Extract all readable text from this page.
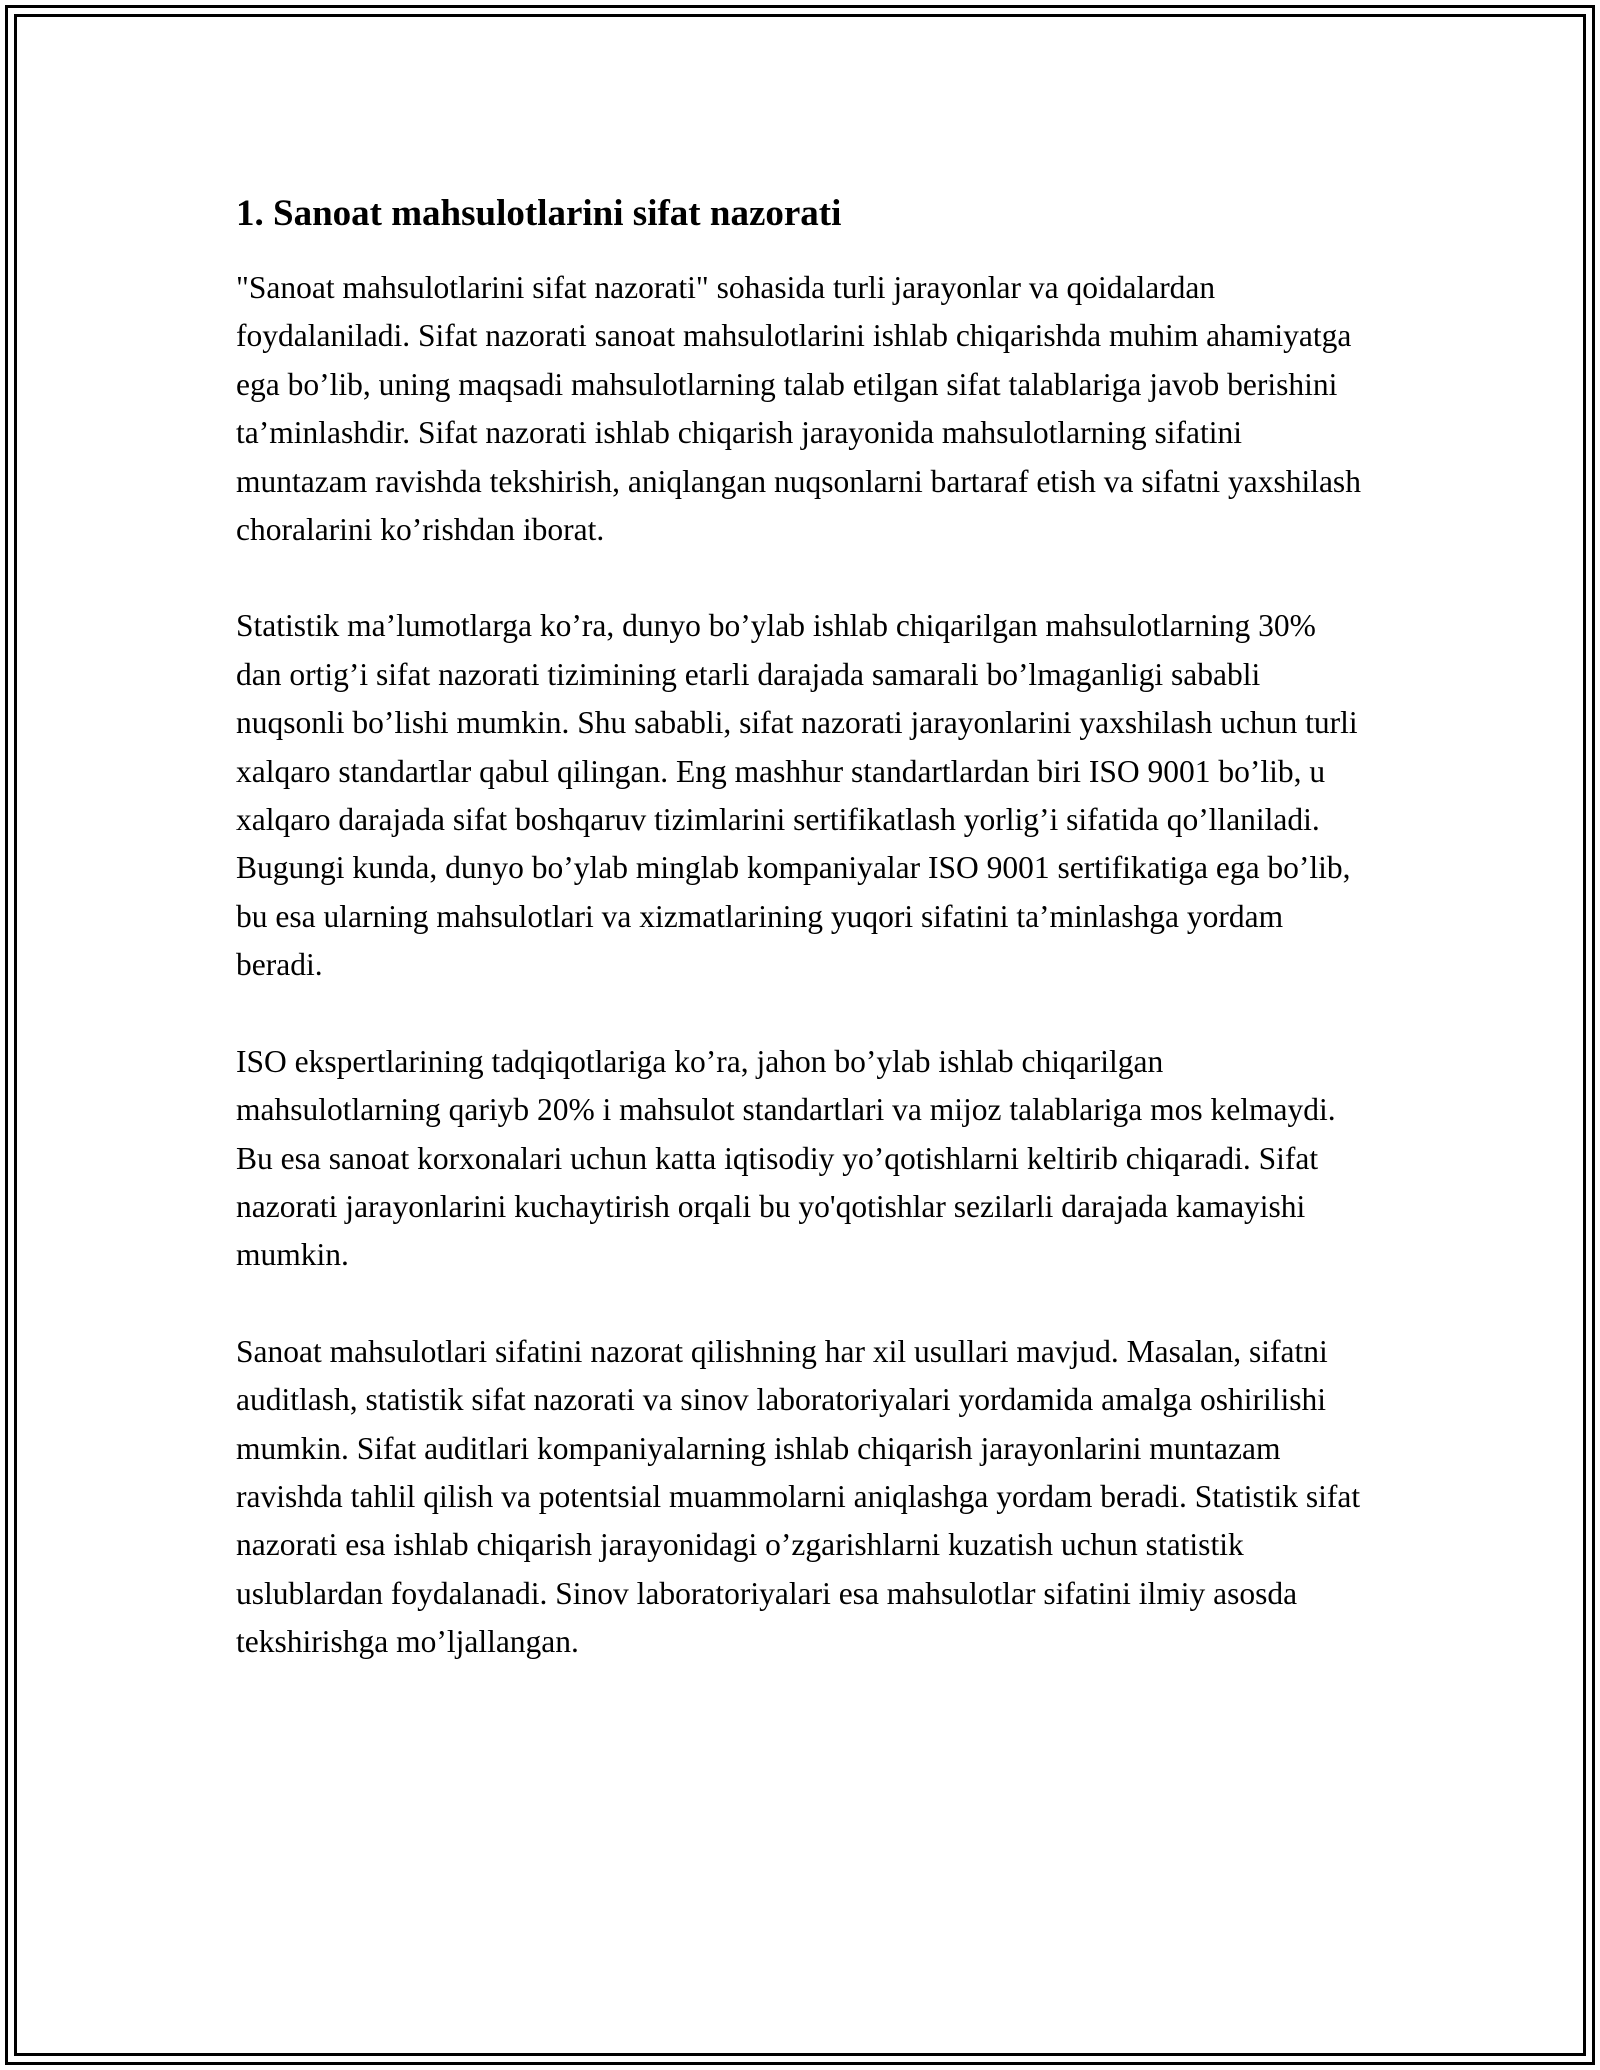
1. Sanoat mahsulotlarini sifat nazorati

"Sanoat mahsulotlarini sifat nazorati" sohasida turli jarayonlar va qoidalardan foydalaniladi. Sifat nazorati sanoat mahsulotlarini ishlab chiqarishda muhim ahamiyatga ega bo’lib, uning maqsadi mahsulotlarning talab etilgan sifat talablariga javob berishini ta’minlashdir. Sifat nazorati ishlab chiqarish jarayonida mahsulotlarning sifatini muntazam ravishda tekshirish, aniqlangan nuqsonlarni bartaraf etish va sifatni yaxshilash choralarini ko’rishdan iborat.

Statistik ma’lumotlarga ko’ra, dunyo bo’ylab ishlab chiqarilgan mahsulotlarning 30% dan ortig’i sifat nazorati tizimining etarli darajada samarali bo’lmaganligi sababli nuqsonli bo’lishi mumkin. Shu sababli, sifat nazorati jarayonlarini yaxshilash uchun turli xalqaro standartlar qabul qilingan. Eng mashhur standartlardan biri ISO 9001 bo’lib, u xalqaro darajada sifat boshqaruv tizimlarini sertifikatlash yorlig’i sifatida qo’llaniladi. Bugungi kunda, dunyo bo’ylab minglab kompaniyalar ISO 9001 sertifikatiga ega bo’lib, bu esa ularning mahsulotlari va xizmatlarining yuqori sifatini ta’minlashga yordam beradi.

ISO ekspertlarining tadqiqotlariga ko’ra, jahon bo’ylab ishlab chiqarilgan mahsulotlarning qariyb 20% i mahsulot standartlari va mijoz talablariga mos kelmaydi. Bu esa sanoat korxonalari uchun katta iqtisodiy yo’qotishlarni keltirib chiqaradi. Sifat nazorati jarayonlarini kuchaytirish orqali bu yo'qotishlar sezilarli darajada kamayishi mumkin.

Sanoat mahsulotlari sifatini nazorat qilishning har xil usullari mavjud. Masalan, sifatni auditlash, statistik sifat nazorati va sinov laboratoriyalari yordamida amalga oshirilishi mumkin. Sifat auditlari kompaniyalarning ishlab chiqarish jarayonlarini muntazam ravishda tahlil qilish va potentsial muammolarni aniqlashga yordam beradi. Statistik sifat nazorati esa ishlab chiqarish jarayonidagi o’zgarishlarni kuzatish uchun statistik uslublardan foydalanadi. Sinov laboratoriyalari esa mahsulotlar sifatini ilmiy asosda tekshirishga mo’ljallangan.
